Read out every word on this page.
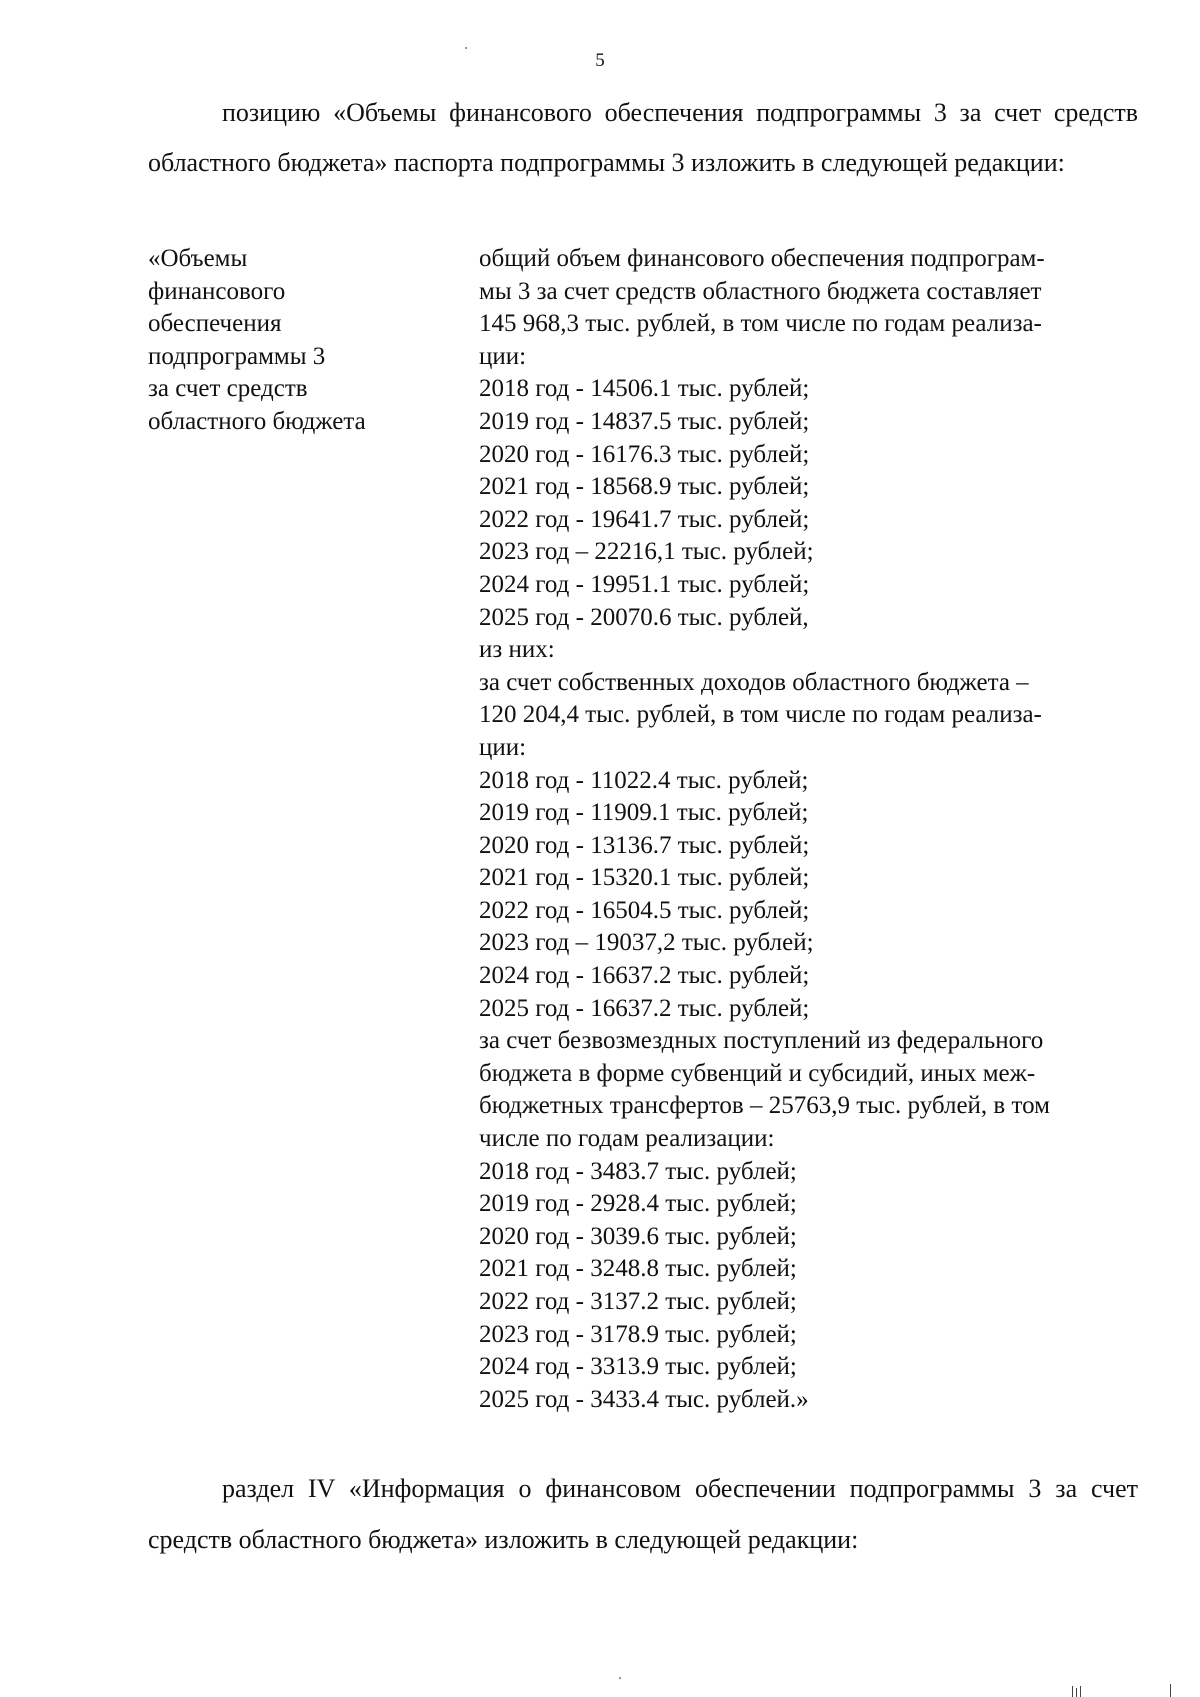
5

позицию «Объемы финансового обеспечения подпрограммы 3 за счет средств областного бюджета» паспорта подпрограммы 3 изложить в следующей редакции:

«Объемы
финансового
обеспечения
подпрограммы 3
за счет средств
областного бюджета
общий объем финансового обеспечения подпрограм-
мы 3 за счет средств областного бюджета составляет
145 968,3 тыс. рублей, в том числе по годам реализа-
ции:
2018 год - 14506.1 тыс. рублей;
2019 год - 14837.5 тыс. рублей;
2020 год - 16176.3 тыс. рублей;
2021 год - 18568.9 тыс. рублей;
2022 год - 19641.7 тыс. рублей;
2023 год – 22216,1 тыс. рублей;
2024 год - 19951.1 тыс. рублей;
2025 год - 20070.6 тыс. рублей,
из них:
за счет собственных доходов областного бюджета –
120 204,4 тыс. рублей, в том числе по годам реализа-
ции:
2018 год - 11022.4 тыс. рублей;
2019 год - 11909.1 тыс. рублей;
2020 год - 13136.7 тыс. рублей;
2021 год - 15320.1 тыс. рублей;
2022 год - 16504.5 тыс. рублей;
2023 год – 19037,2 тыс. рублей;
2024 год - 16637.2 тыс. рублей;
2025 год - 16637.2 тыс. рублей;
за счет безвозмездных поступлений из федерального
бюджета в форме субвенций и субсидий, иных меж-
бюджетных трансфертов – 25763,9 тыс. рублей, в том
числе по годам реализации:
2018 год - 3483.7 тыс. рублей;
2019 год - 2928.4 тыс. рублей;
2020 год - 3039.6 тыс. рублей;
2021 год - 3248.8 тыс. рублей;
2022 год - 3137.2 тыс. рублей;
2023 год - 3178.9 тыс. рублей;
2024 год - 3313.9 тыс. рублей;
2025 год - 3433.4 тыс. рублей.»

раздел IV «Информация о финансовом обеспечении подпрограммы 3 за счет средств областного бюджета» изложить в следующей редакции:
